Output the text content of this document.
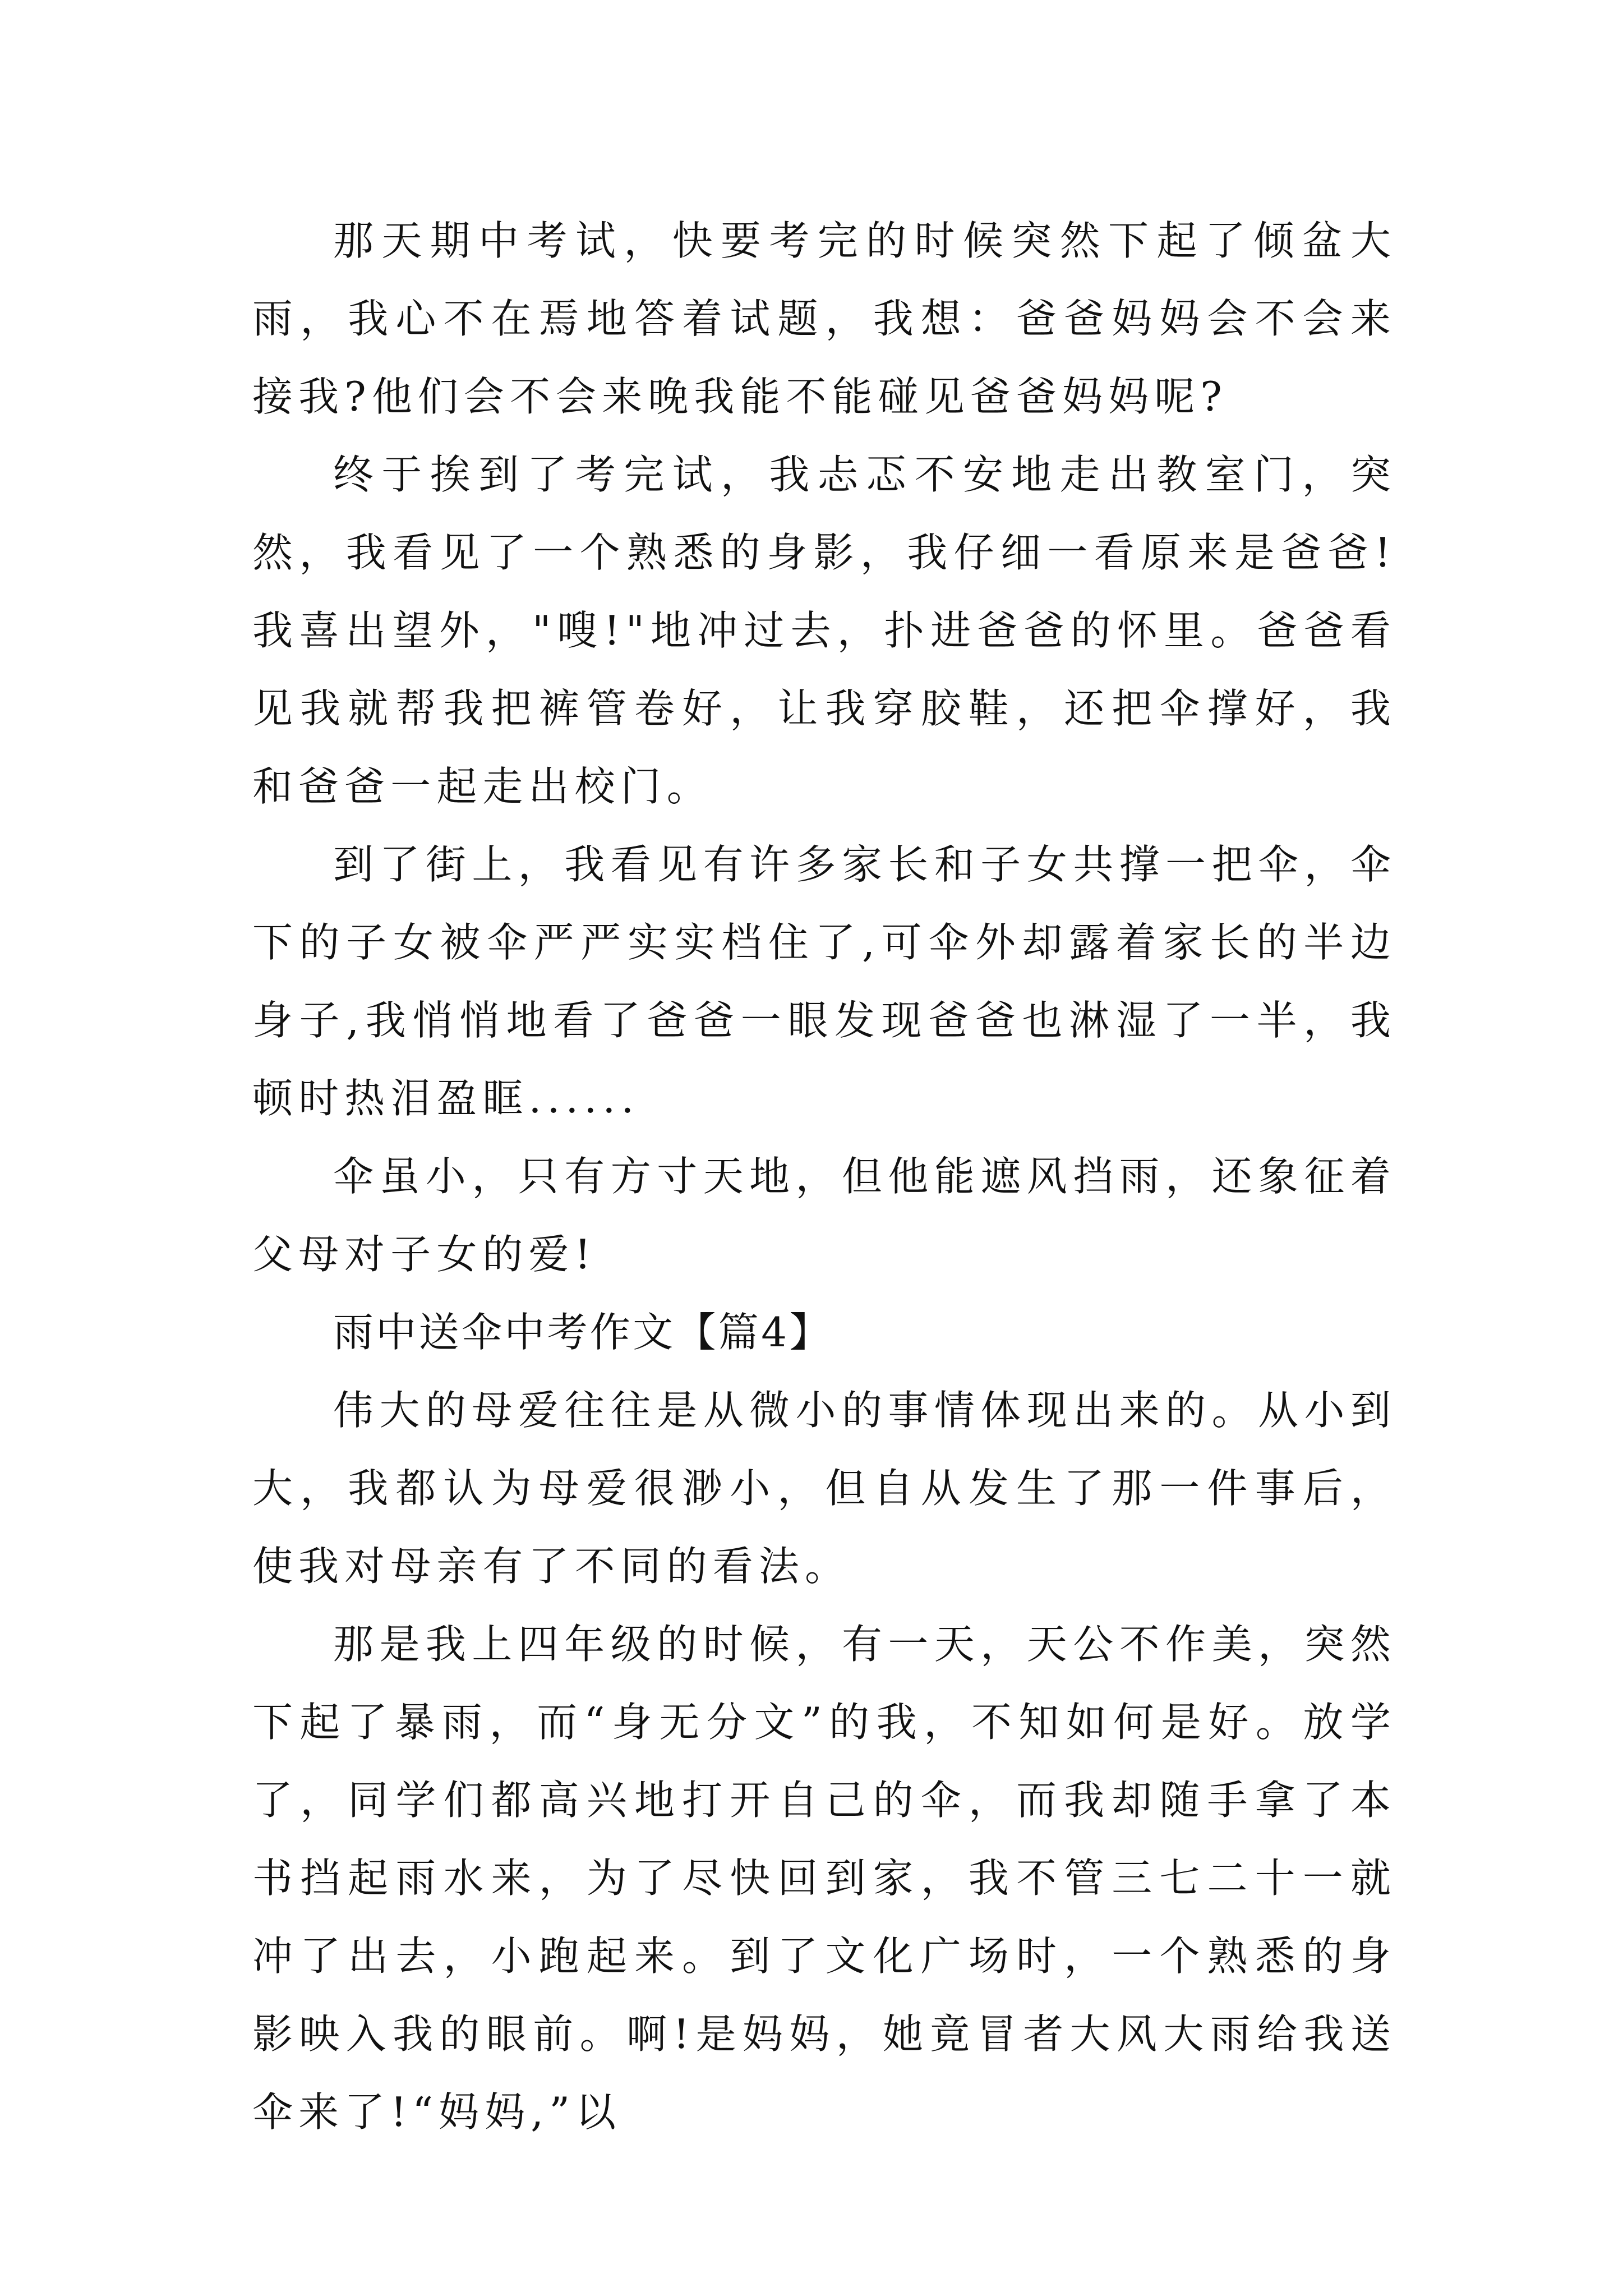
那天期中考试，快要考完的时候突然下起了倾盆大雨，我心不在焉地答着试题，我想：爸爸妈妈会不会来接我?他们会不会来晚我能不能碰见爸爸妈妈呢?

终于挨到了考完试，我忐忑不安地走出教室门，突然，我看见了一个熟悉的身影，我仔细一看原来是爸爸!我喜出望外，"嗖!"地冲过去，扑进爸爸的怀里。爸爸看见我就帮我把裤管卷好，让我穿胶鞋，还把伞撑好，我和爸爸一起走出校门。

到了街上，我看见有许多家长和子女共撑一把伞，伞下的子女被伞严严实实档住了,可伞外却露着家长的半边身子,我悄悄地看了爸爸一眼发现爸爸也淋湿了一半，我顿时热泪盈眶......

伞虽小，只有方寸天地，但他能遮风挡雨，还象征着父母对子女的爱!

雨中送伞中考作文【篇4】

伟大的母爱往往是从微小的事情体现出来的。从小到大，我都认为母爱很渺小，但自从发生了那一件事后，使我对母亲有了不同的看法。

那是我上四年级的时候，有一天，天公不作美，突然下起了暴雨，而“身无分文”的我，不知如何是好。放学了，同学们都高兴地打开自己的伞，而我却随手拿了本书挡起雨水来，为了尽快回到家，我不管三七二十一就冲了出去，小跑起来。到了文化广场时，一个熟悉的身影映入我的眼前。啊!是妈妈，她竟冒者大风大雨给我送伞来了!“妈妈,”以
